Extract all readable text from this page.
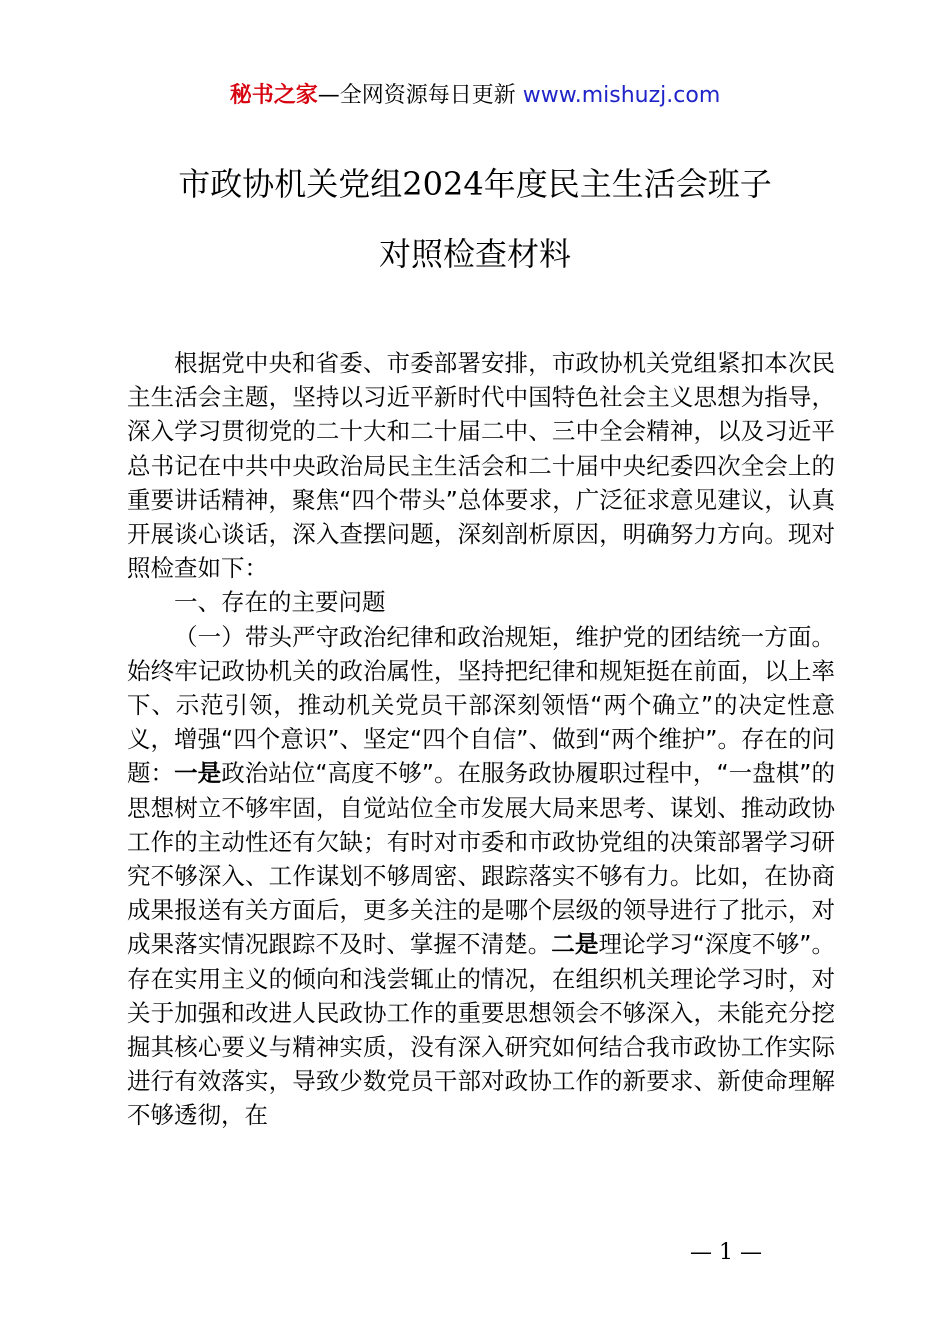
秘书之家—全网资源每日更新 www.mishuzj.com
市政协机关党组2024年度民主生活会班子
对照检查材料

根据党中央和省委、市委部署安排，市政协机关党组紧扣本次民主生活会主题，坚持以习近平新时代中国特色社会主义思想为指导，深入学习贯彻党的二十大和二十届二中、三中全会精神，以及习近平总书记在中共中央政治局民主生活会和二十届中央纪委四次全会上的重要讲话精神，聚焦“四个带头”总体要求，广泛征求意见建议，认真开展谈心谈话，深入查摆问题，深刻剖析原因，明确努力方向。现对照检查如下：

一、存在的主要问题

（一）带头严守政治纪律和政治规矩，维护党的团结统一方面。始终牢记政协机关的政治属性，坚持把纪律和规矩挺在前面，以上率下、示范引领，推动机关党员干部深刻领悟“两个确立”的决定性意义，增强“四个意识”、坚定“四个自信”、做到“两个维护”。存在的问题：一是政治站位“高度不够”。在服务政协履职过程中，“一盘棋”的思想树立不够牢固，自觉站位全市发展大局来思考、谋划、推动政协工作的主动性还有欠缺；有时对市委和市政协党组的决策部署学习研究不够深入、工作谋划不够周密、跟踪落实不够有力。比如，在协商成果报送有关方面后，更多关注的是哪个层级的领导进行了批示，对成果落实情况跟踪不及时、掌握不清楚。二是理论学习“深度不够”。存在实用主义的倾向和浅尝辄止的情况，在组织机关理论学习时，对关于加强和改进人民政协工作的重要思想领会不够深入，未能充分挖掘其核心要义与精神实质，没有深入研究如何结合我市政协工作实际进行有效落实，导致少数党员干部对政协工作的新要求、新使命理解不够透彻，在

— 1 —
